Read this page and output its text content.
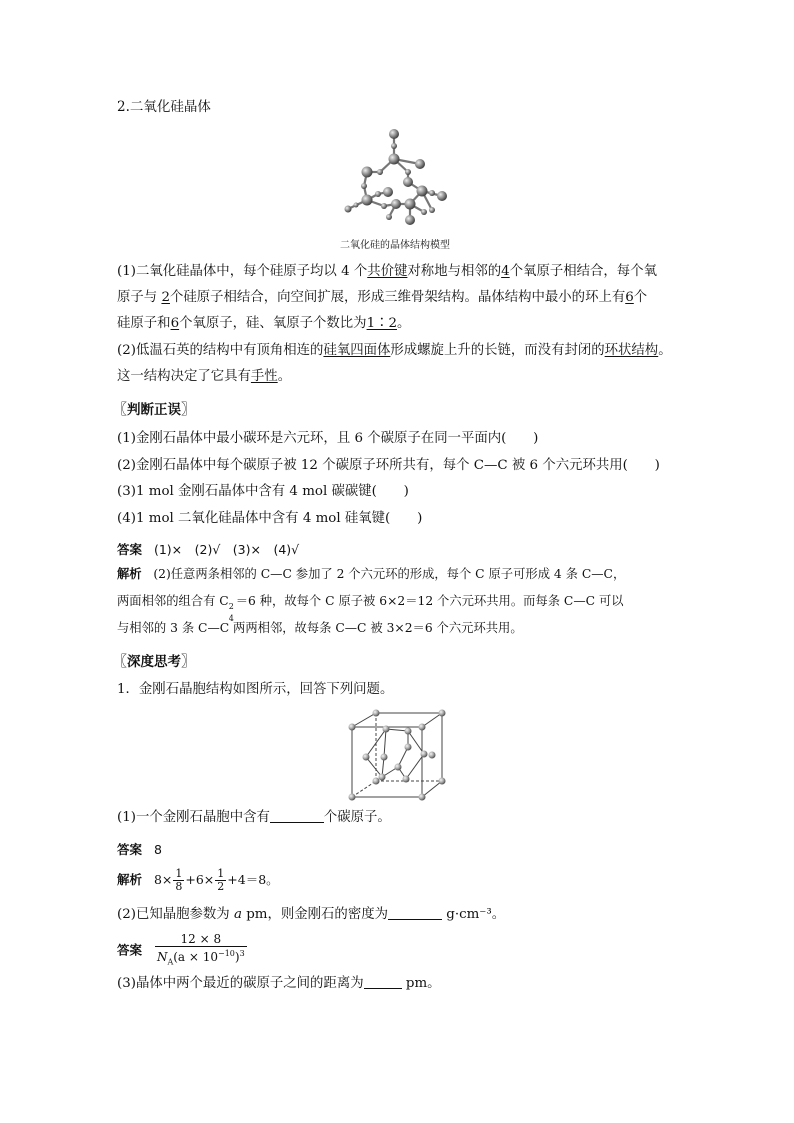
2.二氧化硅晶体
二氧化硅的晶体结构模型
(1)二氧化硅晶体中，每个硅原子均以 4 个共价键对称地与相邻的4个氧原子相结合，每个氧
原子与 2个硅原子相结合，向空间扩展，形成三维骨架结构。晶体结构中最小的环上有6个
硅原子和6个氧原子，硅、氧原子个数比为1∶2。
(2)低温石英的结构中有顶角相连的硅氧四面体形成螺旋上升的长链，而没有封闭的环状结构。
这一结构决定了它具有手性。
〖判断正误〗
(1)金刚石晶体中最小碳环是六元环，且 6 个碳原子在同一平面内(　　)
(2)金刚石晶体中每个碳原子被 12 个碳原子环所共有，每个 C—C 被 6 个六元环共用(　　)
(3)1 mol 金刚石晶体中含有 4 mol 碳碳键(　　)
(4)1 mol 二氧化硅晶体中含有 4 mol 硅氧键(　　)
答案 (1)×　(2)√　(3)×　(4)√
解析 (2)任意两条相邻的 C—C 参加了 2 个六元环的形成，每个 C 原子可形成 4 条 C—C，
两面相邻的组合有 C 2
4
＝6 种，故每个 C 原子被 6×2＝12 个六元环共用。而每条 C—C 可以
与相邻的 3 条 C—C 两两相邻，故每条 C—C 被 3×2＝6 个六元环共用。
〖深度思考〗
1．金刚石晶胞结构如图所示，回答下列问题。
(1)一个金刚石晶胞中含有	个碳原子。
答案 8
解析 $8\times \frac{1}{8} +6\times \frac{1}{2} +4=8$。
(2)已知晶胞参数为 a pm，则金刚石的密度为	g·cm⁻³。
答案 $\frac{12 \times 8}{N_A(a \times 10^{-10})^3}$
(3)晶体中两个最近的碳原子之间的距离为	pm。
